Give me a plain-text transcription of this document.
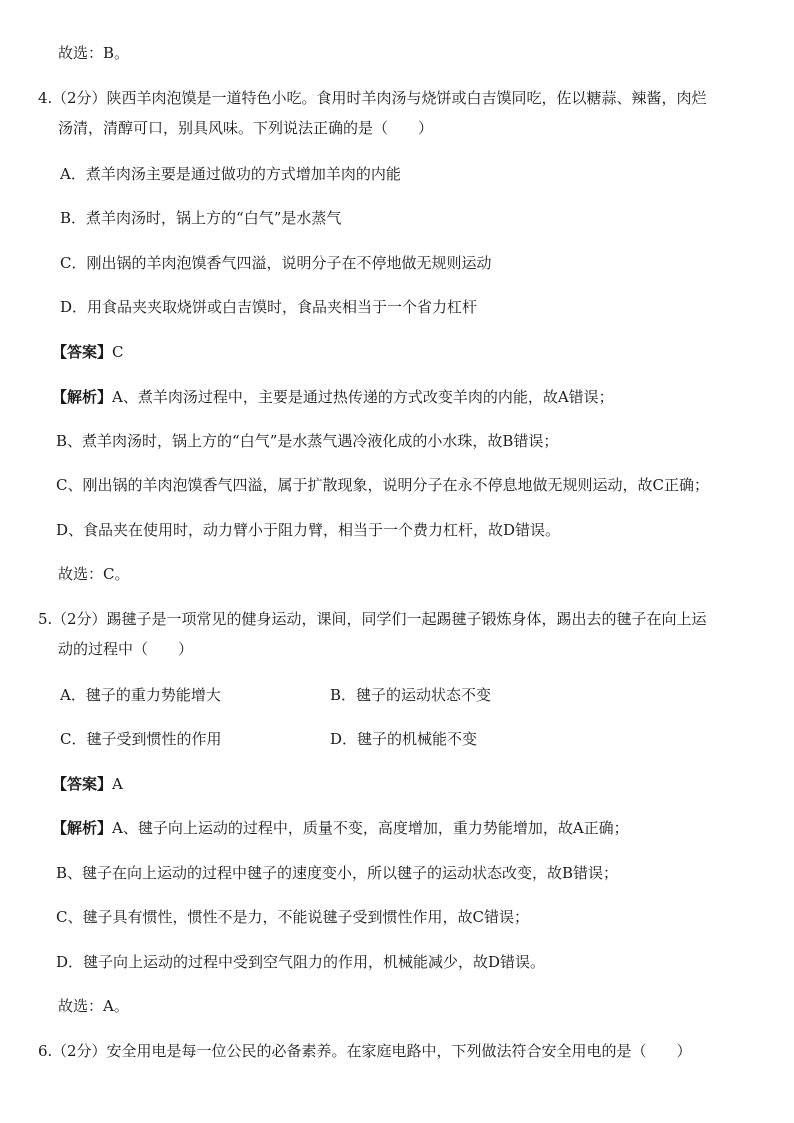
故选：B。
4. （2分）陕西羊肉泡馍是一道特色小吃。食用时羊肉汤与烧饼或白吉馍同吃，佐以糖蒜、辣酱，肉烂
汤清，清醇可口，别具风味。下列说法正确的是（　　）
A．煮羊肉汤主要是通过做功的方式增加羊肉的内能
B．煮羊肉汤时，锅上方的“白气”是水蒸气
C．刚出锅的羊肉泡馍香气四溢，说明分子在不停地做无规则运动
D．用食品夹夹取烧饼或白吉馍时，食品夹相当于一个省力杠杆
【答案】C
【解析】A、煮羊肉汤过程中，主要是通过热传递的方式改变羊肉的内能，故A错误；
B、煮羊肉汤时，锅上方的“白气”是水蒸气遇冷液化成的小水珠，故B错误；
C、刚出锅的羊肉泡馍香气四溢，属于扩散现象，说明分子在永不停息地做无规则运动，故C正确；
D、食品夹在使用时，动力臂小于阻力臂，相当于一个费力杠杆，故D错误。
故选：C。
5. （2分）踢毽子是一项常见的健身运动，课间，同学们一起踢毽子锻炼身体，踢出去的毽子在向上运
动的过程中（　　）
A．毽子的重力势能增大	B．毽子的运动状态不变
C．毽子受到惯性的作用	D．毽子的机械能不变
【答案】A
【解析】A、毽子向上运动的过程中，质量不变，高度增加，重力势能增加，故A正确；
B、毽子在向上运动的过程中毽子的速度变小，所以毽子的运动状态改变，故B错误；
C、毽子具有惯性，惯性不是力，不能说毽子受到惯性作用，故C错误；
D．毽子向上运动的过程中受到空气阻力的作用，机械能减少，故D错误。
故选：A。
6. （2分）安全用电是每一位公民的必备素养。在家庭电路中，下列做法符合安全用电的是（　　）
